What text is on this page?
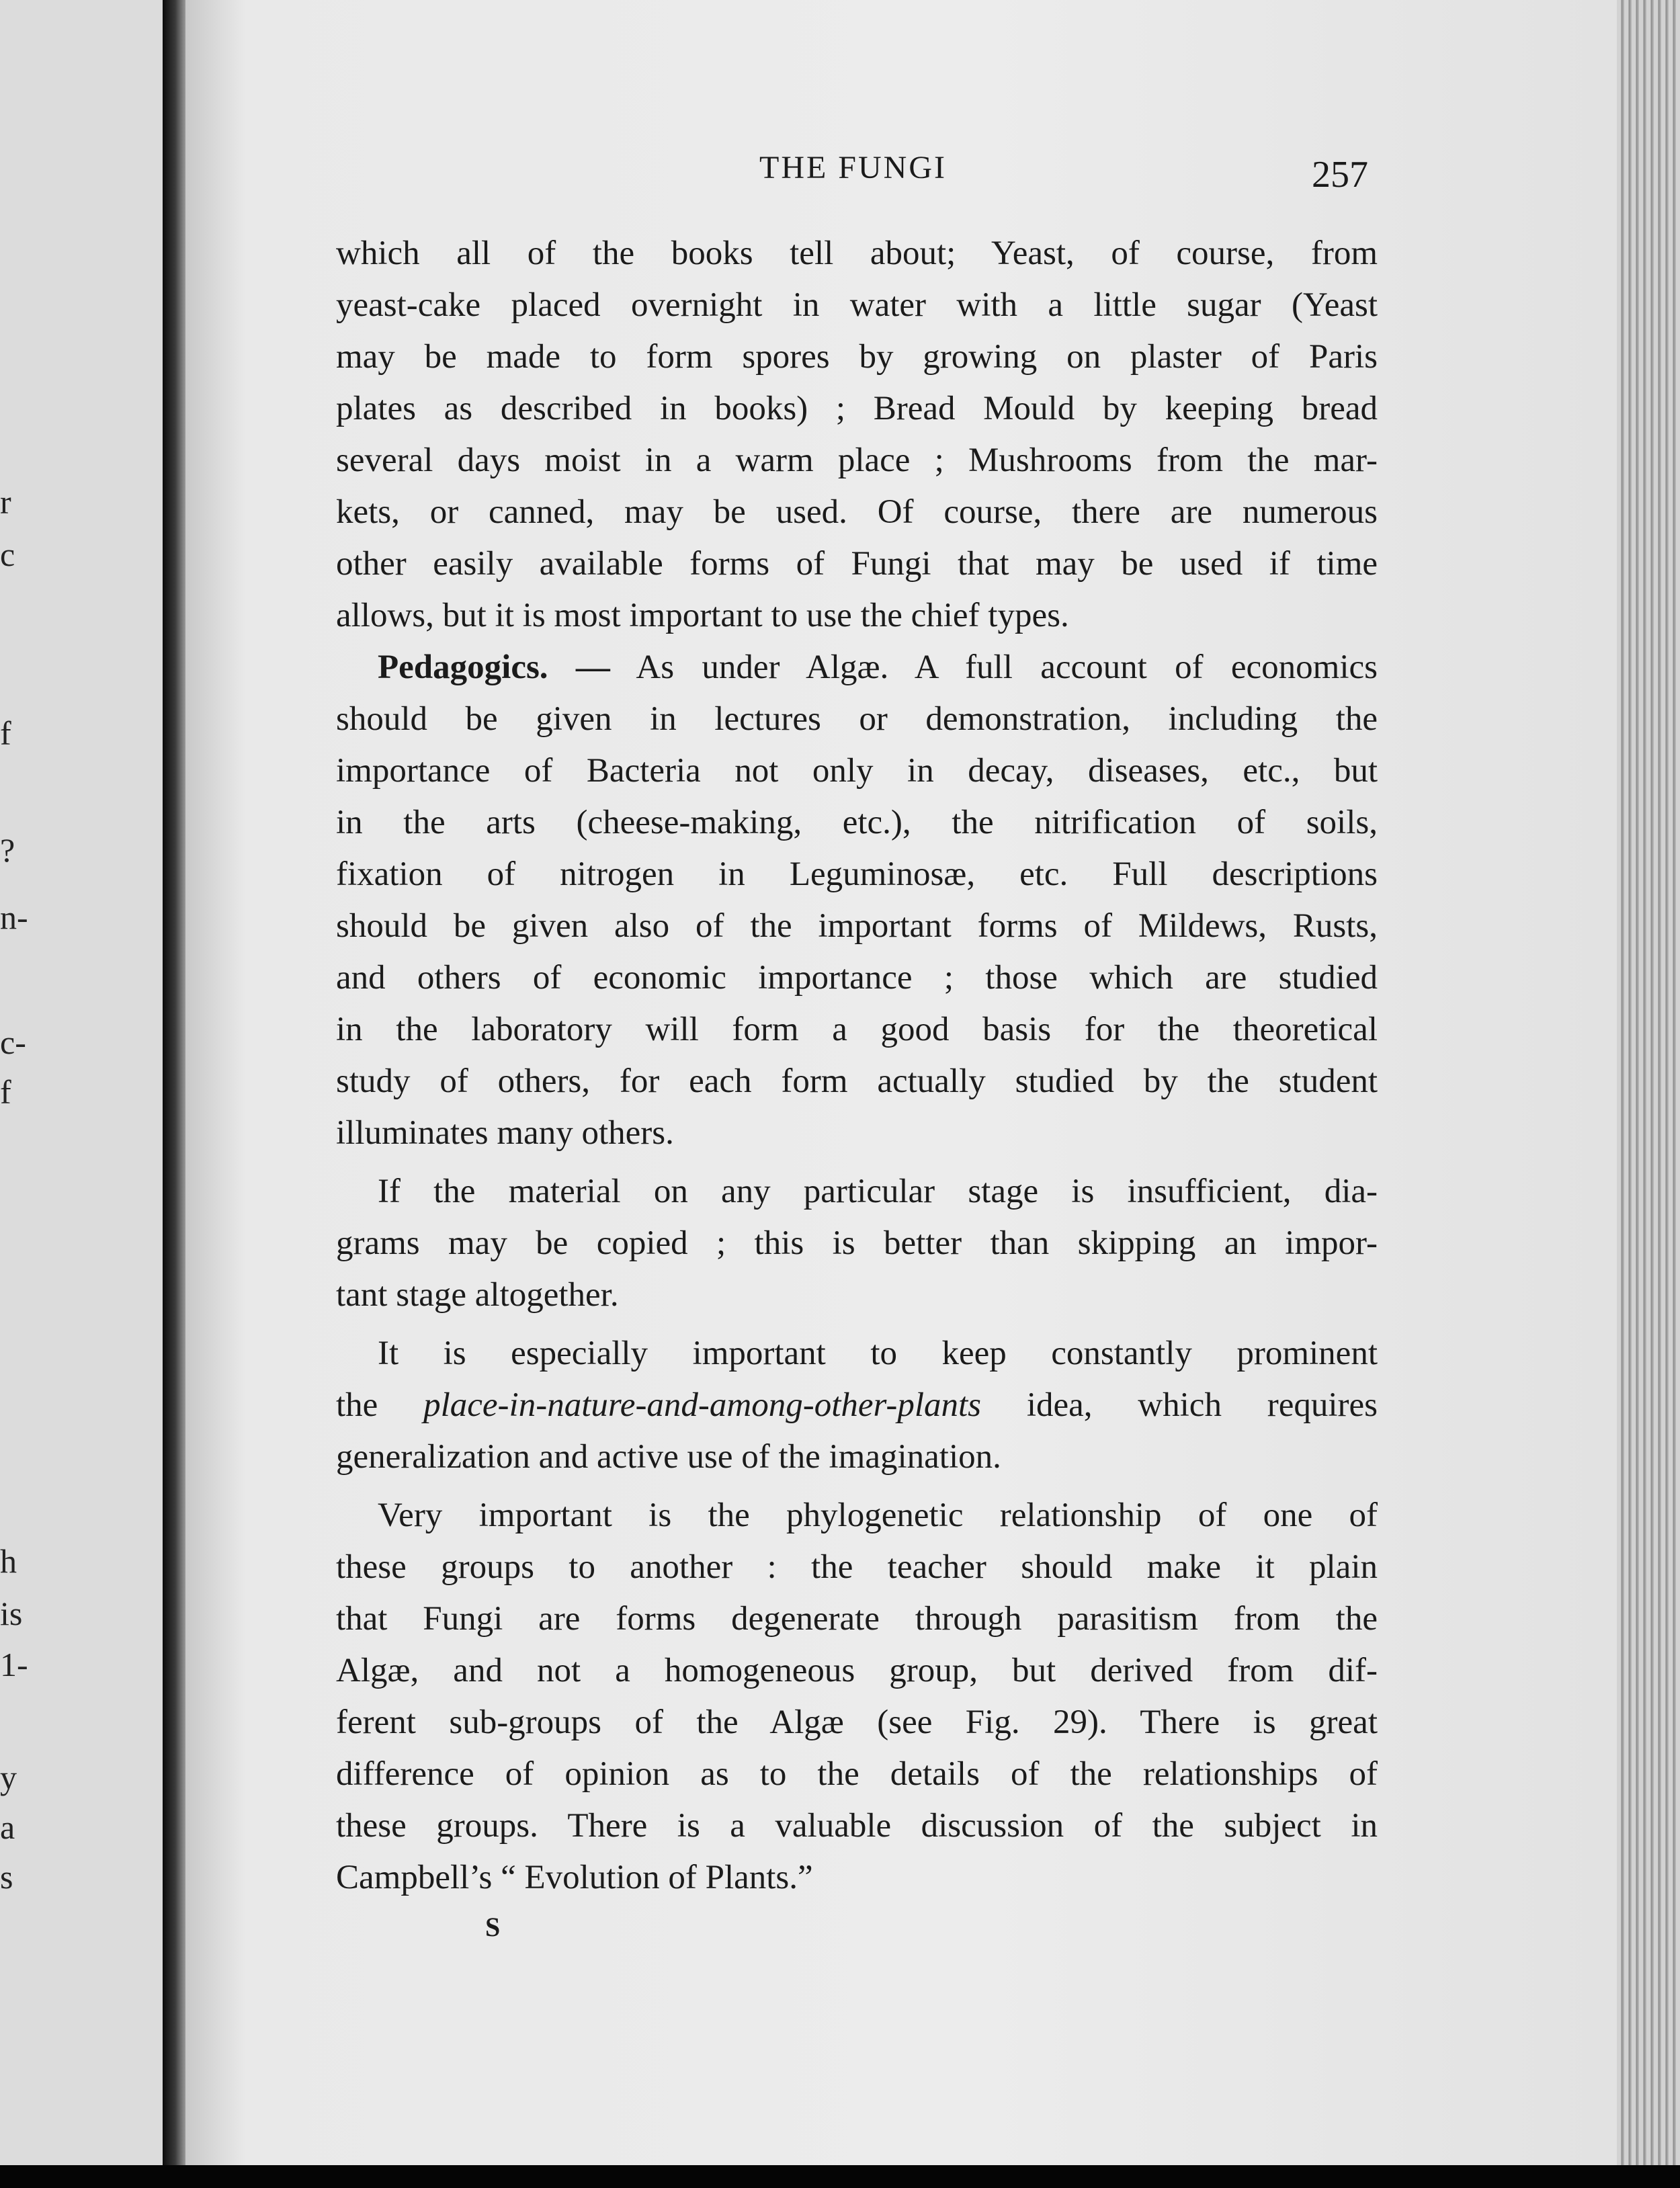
r
c
f
?
n-
c-
f
h
is
1-
y
a
s
THE FUNGI	257

which all of the books tell about; Yeast, of course, from

yeast-cake placed overnight in water with a little sugar (Yeast

may be made to form spores by growing on plaster of Paris

plates as described in books) ; Bread Mould by keeping bread

several days moist in a warm place ; Mushrooms from the mar-

kets, or canned, may be used. Of course, there are numerous

other easily available forms of Fungi that may be used if time

allows, but it is most important to use the chief types.

Pedagogics. — As under Algæ. A full account of economics

should be given in lectures or demonstration, including the

importance of Bacteria not only in decay, diseases, etc., but

in the arts (cheese-making, etc.), the nitrification of soils,

fixation of nitrogen in Leguminosæ, etc. Full descriptions

should be given also of the important forms of Mildews, Rusts,

and others of economic importance ; those which are studied

in the laboratory will form a good basis for the theoretical

study of others, for each form actually studied by the student

illuminates many others.

If the material on any particular stage is insufficient, dia-

grams may be copied ; this is better than skipping an impor-

tant stage altogether.

It is especially important to keep constantly prominent

the place-in-nature-and-among-other-plants idea, which requires

generalization and active use of the imagination.

Very important is the phylogenetic relationship of one of

these groups to another : the teacher should make it plain

that Fungi are forms degenerate through parasitism from the

Algæ, and not a homogeneous group, but derived from dif-

ferent sub-groups of the Algæ (see Fig. 29). There is great

difference of opinion as to the details of the relationships of

these groups. There is a valuable discussion of the subject in

Campbell’s “ Evolution of Plants.”

S
